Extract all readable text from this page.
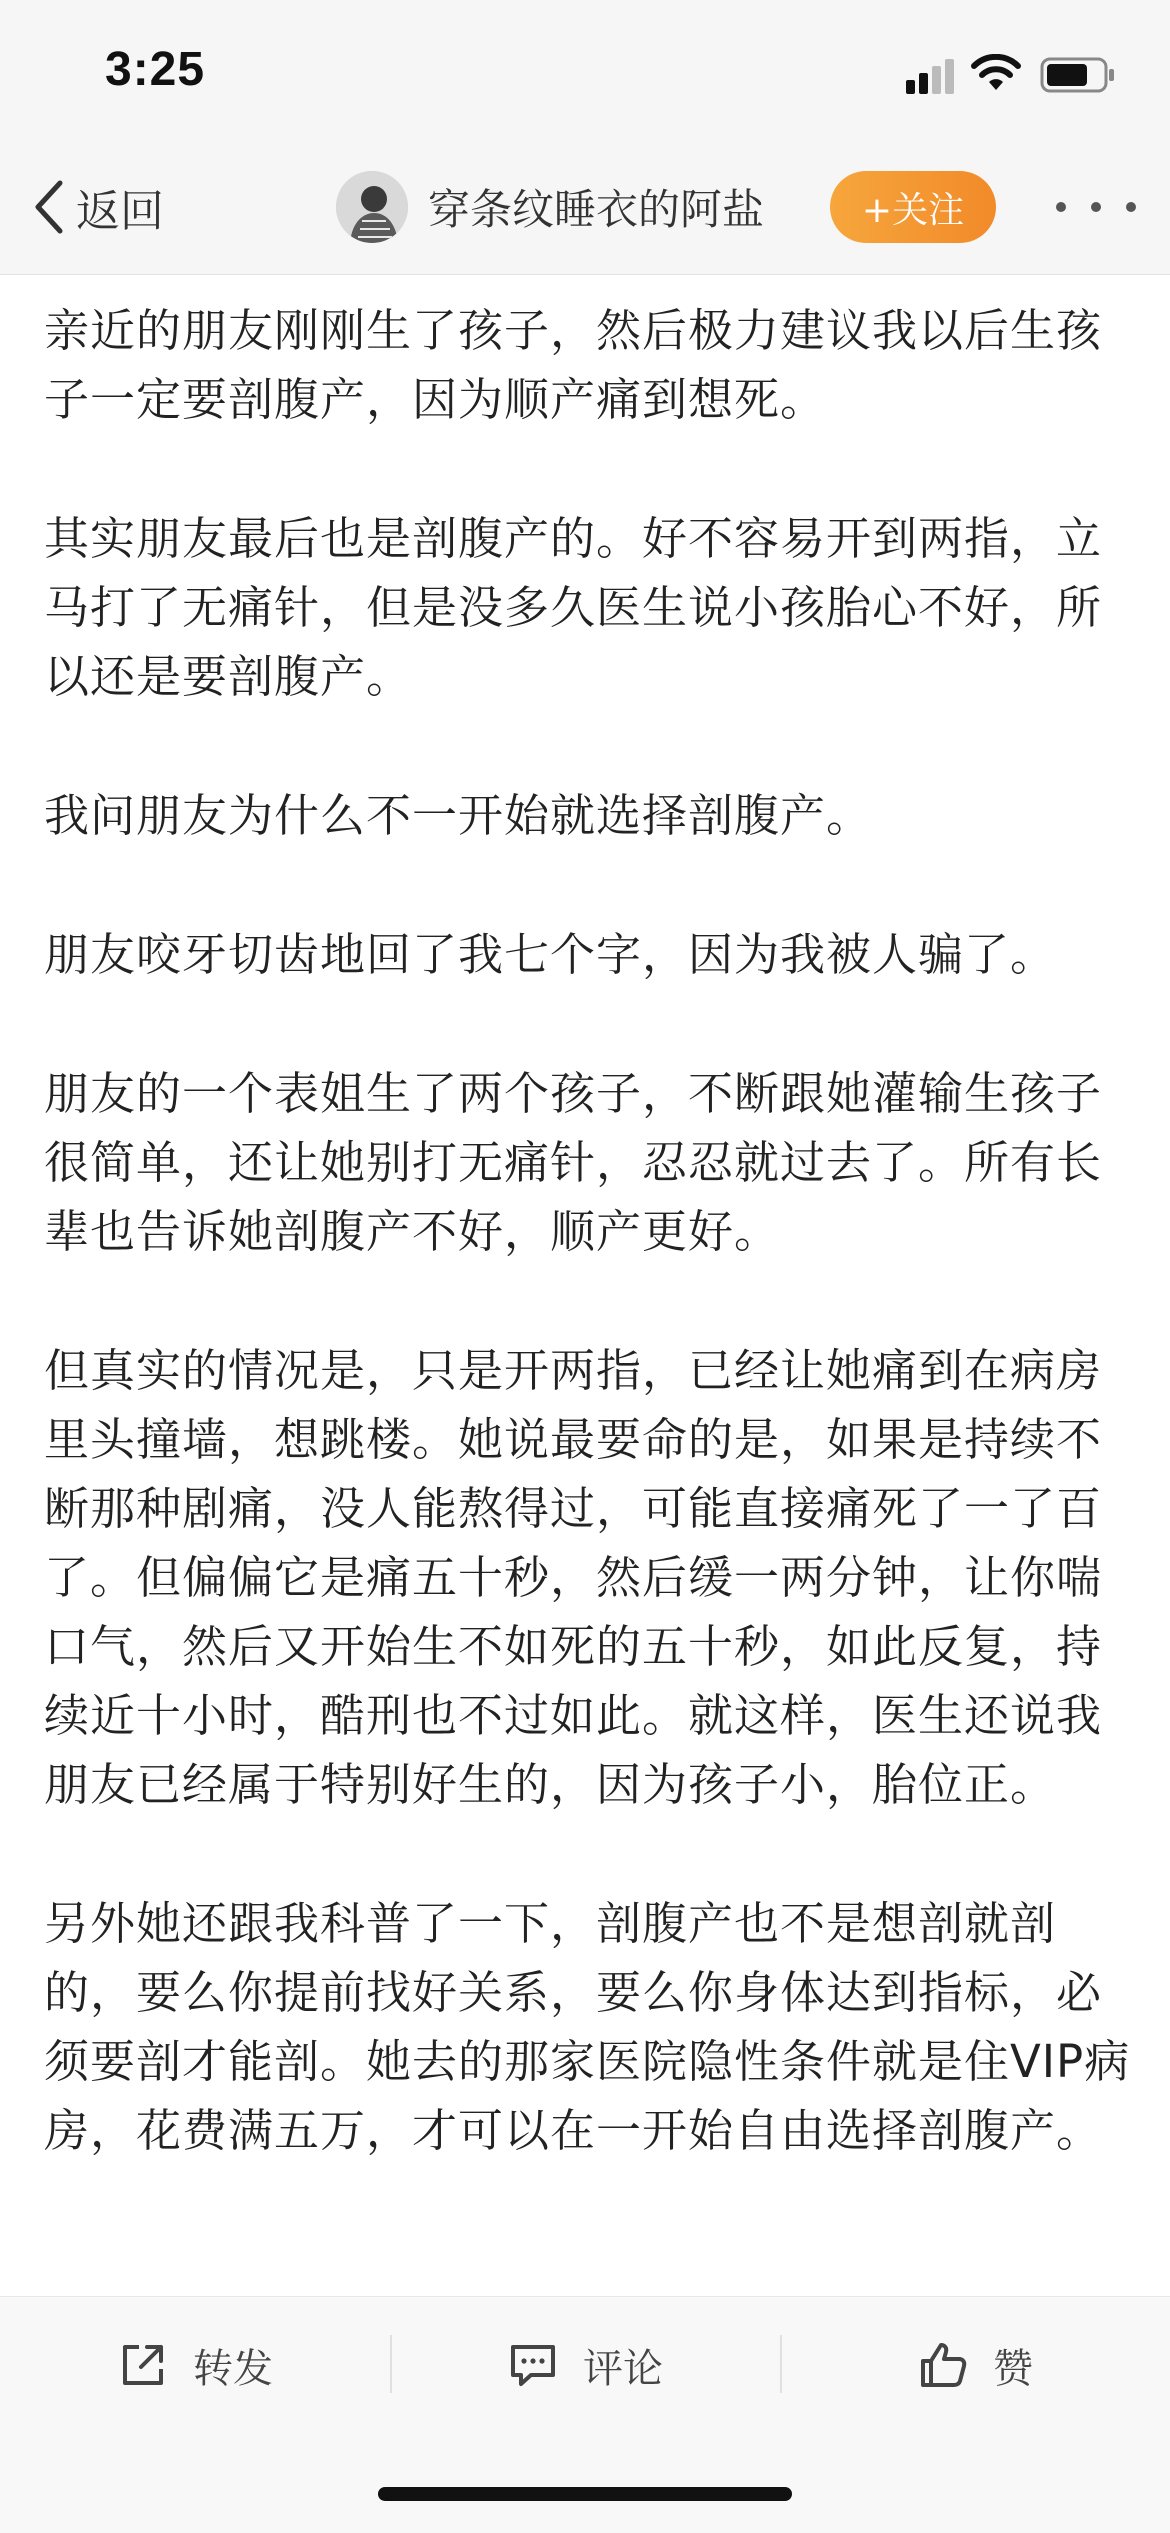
3:25
返回	穿条纹睡衣的阿盐	+关注

亲近的朋友刚刚生了孩子，然后极力建议我以后生孩子一定要剖腹产，因为顺产痛到想死。

其实朋友最后也是剖腹产的。好不容易开到两指，立马打了无痛针，但是没多久医生说小孩胎心不好，所以还是要剖腹产。

我问朋友为什么不一开始就选择剖腹产。

朋友咬牙切齿地回了我七个字，因为我被人骗了。

朋友的一个表姐生了两个孩子，不断跟她灌输生孩子很简单，还让她别打无痛针，忍忍就过去了。所有长辈也告诉她剖腹产不好，顺产更好。

但真实的情况是，只是开两指，已经让她痛到在病房里头撞墙，想跳楼。她说最要命的是，如果是持续不断那种剧痛，没人能熬得过，可能直接痛死了一了百了。但偏偏它是痛五十秒，然后缓一两分钟，让你喘口气，然后又开始生不如死的五十秒，如此反复，持续近十小时，酷刑也不过如此。就这样，医生还说我朋友已经属于特别好生的，因为孩子小，胎位正。

另外她还跟我科普了一下，剖腹产也不是想剖就剖的，要么你提前找好关系，要么你身体达到指标，必须要剖才能剖。她去的那家医院隐性条件就是住VIP病房，花费满五万，才可以在一开始自由选择剖腹产。

转发	评论	赞
